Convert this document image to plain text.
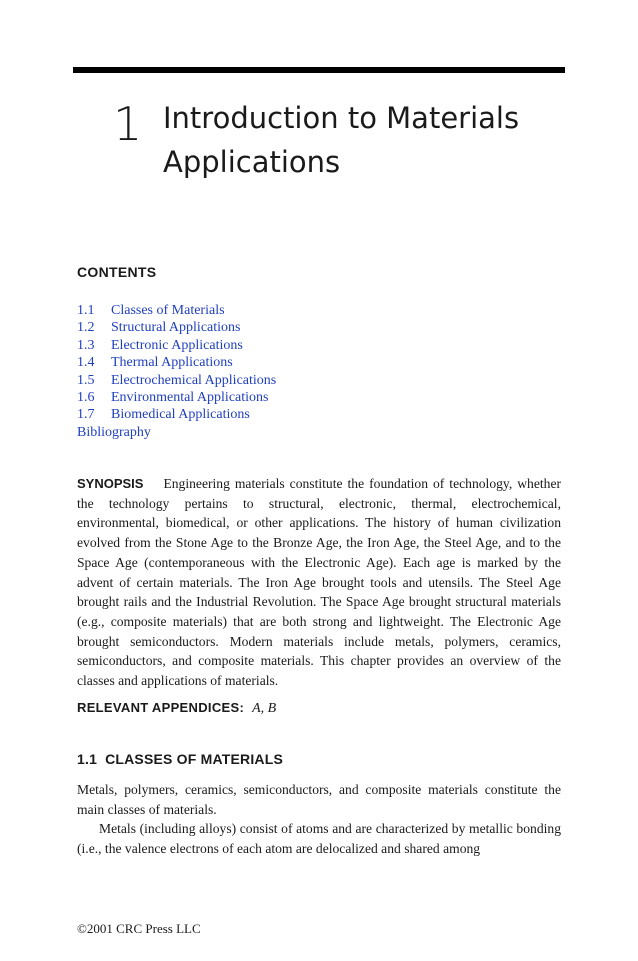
1 Introduction to Materials
Applications
CONTENTS
1.1 Classes of Materials
1.2 Structural Applications
1.3 Electronic Applications
1.4 Thermal Applications
1.5 Electrochemical Applications
1.6 Environmental Applications
1.7 Biomedical Applications
Bibliography

SYNOPSIS Engineering materials constitute the foundation of technology, whether the technology pertains to structural, electronic, thermal, electrochemical, environmental, biomedical, or other applications. The history of human civilization evolved from the Stone Age to the Bronze Age, the Iron Age, the Steel Age, and to the Space Age (contemporaneous with the Electronic Age). Each age is marked by the advent of certain materials. The Iron Age brought tools and utensils. The Steel Age brought rails and the Industrial Revolution. The Space Age brought structural materials (e.g., composite materials) that are both strong and lightweight. The Electronic Age brought semiconductors. Modern materials include metals, polymers, ceramics, semiconductors, and composite materials. This chapter provides an overview of the classes and applications of materials.

RELEVANT APPENDICES: A, B
1.1 CLASSES OF MATERIALS

Metals, polymers, ceramics, semiconductors, and composite materials constitute the main classes of materials.

Metals (including alloys) consist of atoms and are characterized by metallic bonding (i.e., the valence electrons of each atom are delocalized and shared among

©2001 CRC Press LLC
